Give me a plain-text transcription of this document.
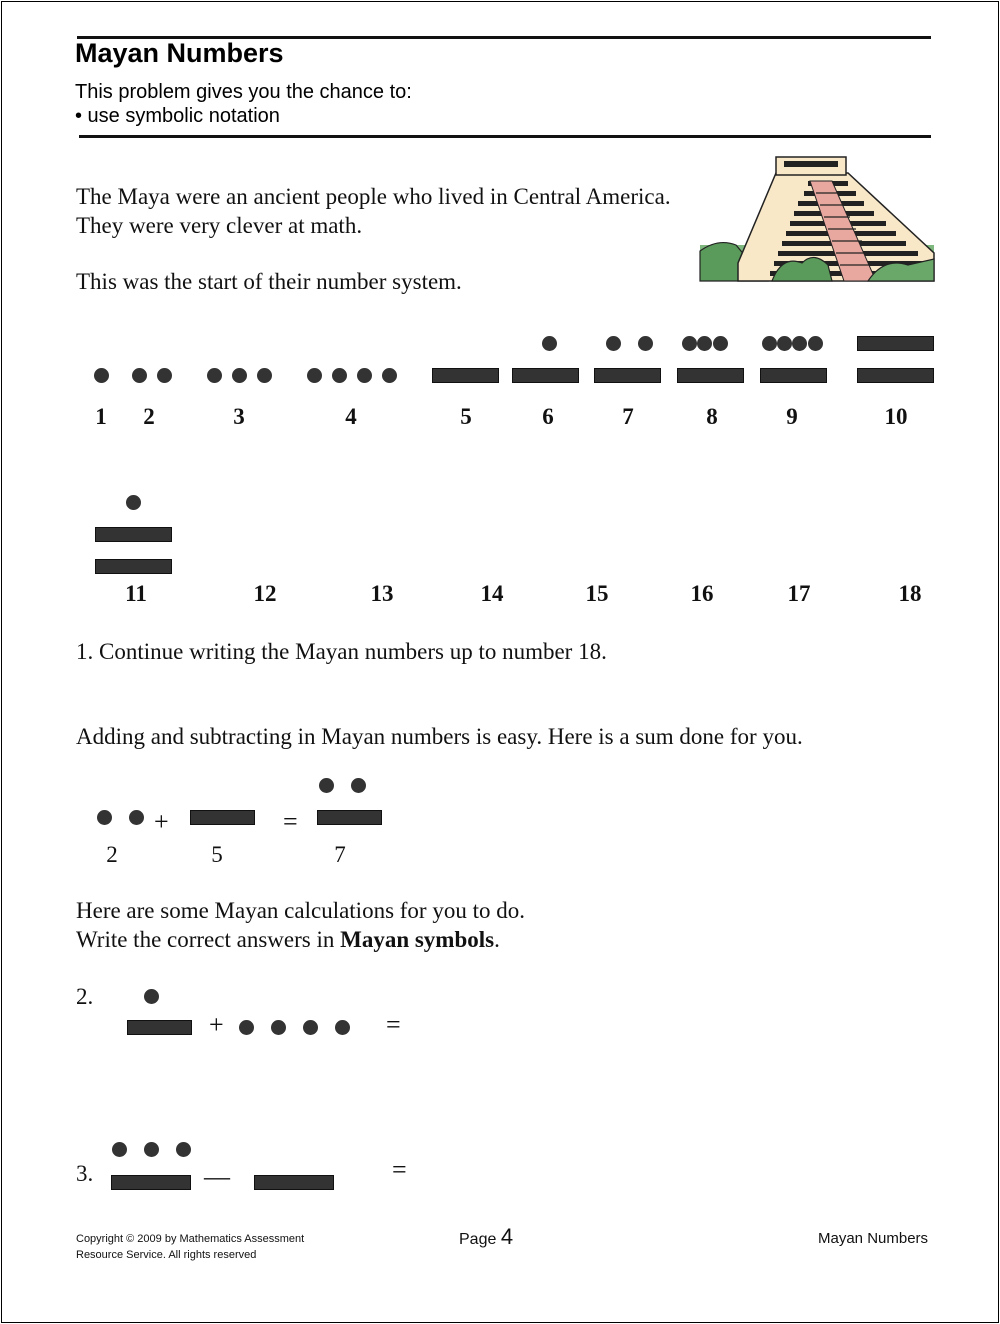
Mayan Numbers
This problem gives you the chance to:
• use symbolic notation
The Maya were an ancient people who lived in Central America.
They were very clever at math.
This was the start of their number system.
1	2	3	4	5	6	7	8	9	10
11	12	13	14	15	16	17	18
1. Continue writing the Mayan numbers up to number 18.
Adding and subtracting in Mayan numbers is easy. Here is a sum done for you.
+	=
2	5	7
Here are some Mayan calculations for you to do.
Write the correct answers in Mayan symbols.
2.
+	=
3.	—	=
Copyright © 2009 by Mathematics Assessment
Resource Service. All rights reserved
Page 4	Mayan Numbers
